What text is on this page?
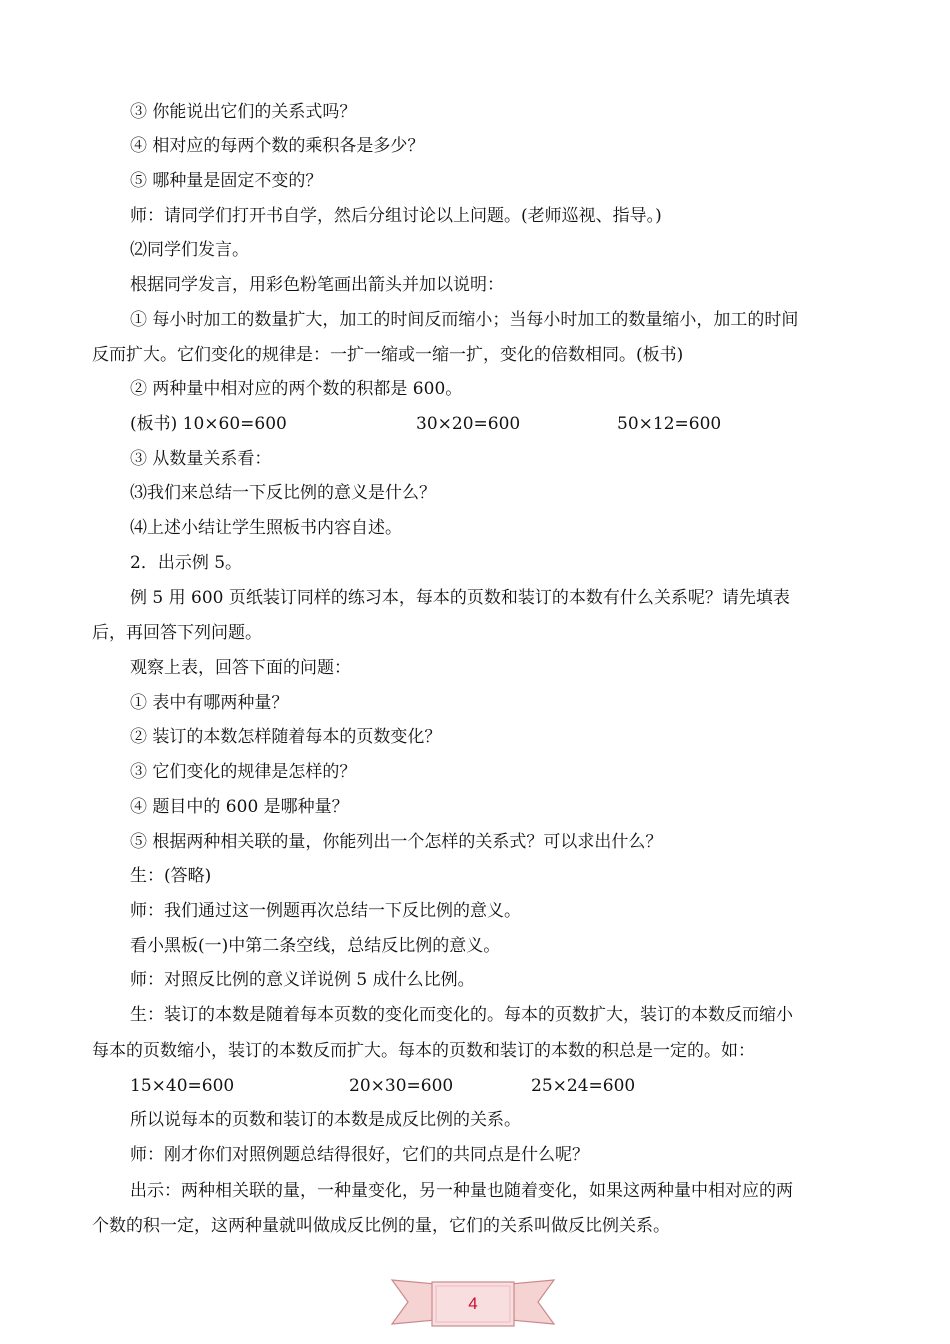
③ 你能说出它们的关系式吗？
④ 相对应的每两个数的乘积各是多少？
⑤ 哪种量是固定不变的？
师：请同学们打开书自学，然后分组讨论以上问题。(老师巡视、指导。)
⑵同学们发言。
根据同学发言，用彩色粉笔画出箭头并加以说明：
① 每小时加工的数量扩大，加工的时间反而缩小；当每小时加工的数量缩小，加工的时间
反而扩大。它们变化的规律是：一扩一缩或一缩一扩，变化的倍数相同。(板书)
② 两种量中相对应的两个数的积都是 600。
(板书) 10×60=600	30×20=600	50×12=600
③ 从数量关系看：
⑶我们来总结一下反比例的意义是什么？
⑷上述小结让学生照板书内容自述。
2．出示例 5。
例 5 用 600 页纸装订同样的练习本，每本的页数和装订的本数有什么关系呢？请先填表
后，再回答下列问题。
观察上表，回答下面的问题：
① 表中有哪两种量？
② 装订的本数怎样随着每本的页数变化？
③ 它们变化的规律是怎样的？
④ 题目中的 600 是哪种量？
⑤ 根据两种相关联的量，你能列出一个怎样的关系式？可以求出什么？
生：(答略)
师：我们通过这一例题再次总结一下反比例的意义。
看小黑板(一)中第二条空线，总结反比例的意义。
师：对照反比例的意义详说例 5 成什么比例。
生：装订的本数是随着每本页数的变化而变化的。每本的页数扩大，装订的本数反而缩小
每本的页数缩小，装订的本数反而扩大。每本的页数和装订的本数的积总是一定的。如：
15×40=600	20×30=600	25×24=600
所以说每本的页数和装订的本数是成反比例的关系。
师：刚才你们对照例题总结得很好，它们的共同点是什么呢？
出示：两种相关联的量，一种量变化，另一种量也随着变化，如果这两种量中相对应的两
个数的积一定，这两种量就叫做成反比例的量，它们的关系叫做反比例关系。
4
